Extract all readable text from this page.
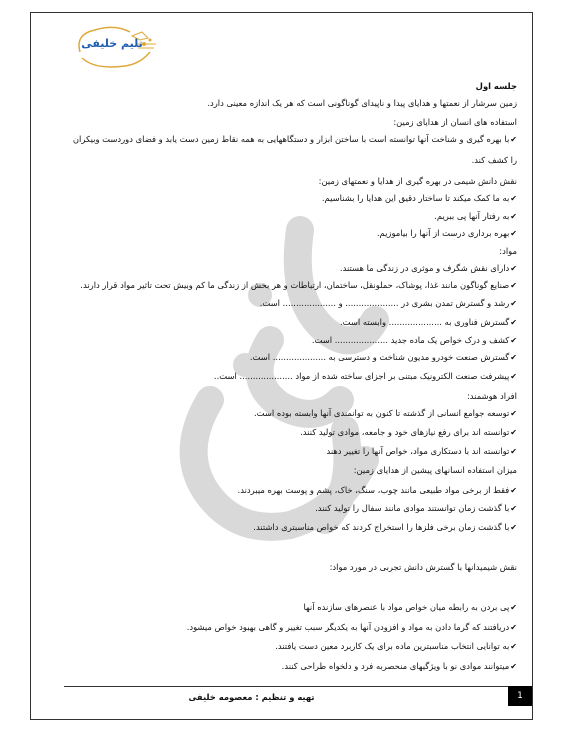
تلیم خلیفی
خلیفی
جلسه اول
زمین سرشار از نعمتها و هدایای پیدا و ناپیدای گوناگونی است که هر یک اندازه معینی دارد.
استفاده های انسان از هدایای زمین:
✔با بهره گیری و شناخت آنها توانسته است با ساختن ابزار و دستگاههایی به همه نقاط زمین دست یابد و فضای دوردست وبیکران
را کشف کند.
نقش دانش شیمی در بهره گیری از هدایا و نعمتهای زمین:
✔به ما کمک میکند تا ساختار دقیق این هدایا را بشناسیم.
✔به رفتار آنها پی ببریم.
✔بهره برداری درست از آنها را بیاموزیم.
مواد:
✔دارای نقش شگرف و موثری در زندگی ما هستند.
✔صنایع گوناگون مانند غذا، پوشاک، حملونقل، ساختمان، ارتباطات و هر بخش از زندگی ما کم وبیش تحت تاثیر مواد قرار دارند.
✔رشد و گسترش تمدن بشری در .................... و .................... است.
✔گسترش فناوری به .................... وابسته است.
✔کشف و درک خواص یک ماده جدید .................... است.
✔گسترش صنعت خودرو مدیون شناخت و دسترسی به .................... است.
✔پیشرفت صنعت الکترونیک مبتنی بر اجزای ساخته شده از مواد .................... است..
افراد هوشمند:
✔توسعه جوامع انسانی از گذشته تا کنون به توانمندی آنها وابسته بوده است.
✔توانسته اند برای رفع نیازهای خود و جامعه، موادی تولید کنند.
✔توانسته اند با دستکاری مواد، خواص آنها را تغییر دهند
میزان استفاده انسانهای پیشین از هدایای زمین:
✔فقط از برخی مواد طبیعی مانند چوب، سنگ، خاک، پشم و پوست بهره میبردند.
✔با گذشت زمان توانستند موادی مانند سفال را تولید کنند.
✔با گذشت زمان برخی فلزها را استخراج کردند که خواص مناسبتری داشتند.
نقش شیمیدانها با گسترش دانش تجربی در مورد مواد:
✔پی بردن به رابطه میان خواص مواد با عنصرهای سازنده آنها
✔دریافتند که گرما دادن به مواد و افزودن آنها به یکدیگر سبب تغییر و گاهی بهبود خواص میشود.
✔به توانایی انتخاب مناسبترین ماده برای یک کاربرد معین دست یافتند.
✔میتوانند موادی نو با ویژگیهای منحصربه فرد و دلخواه طراحی کنند.
تهیه و تنظیم : معصومه خلیفی	1
